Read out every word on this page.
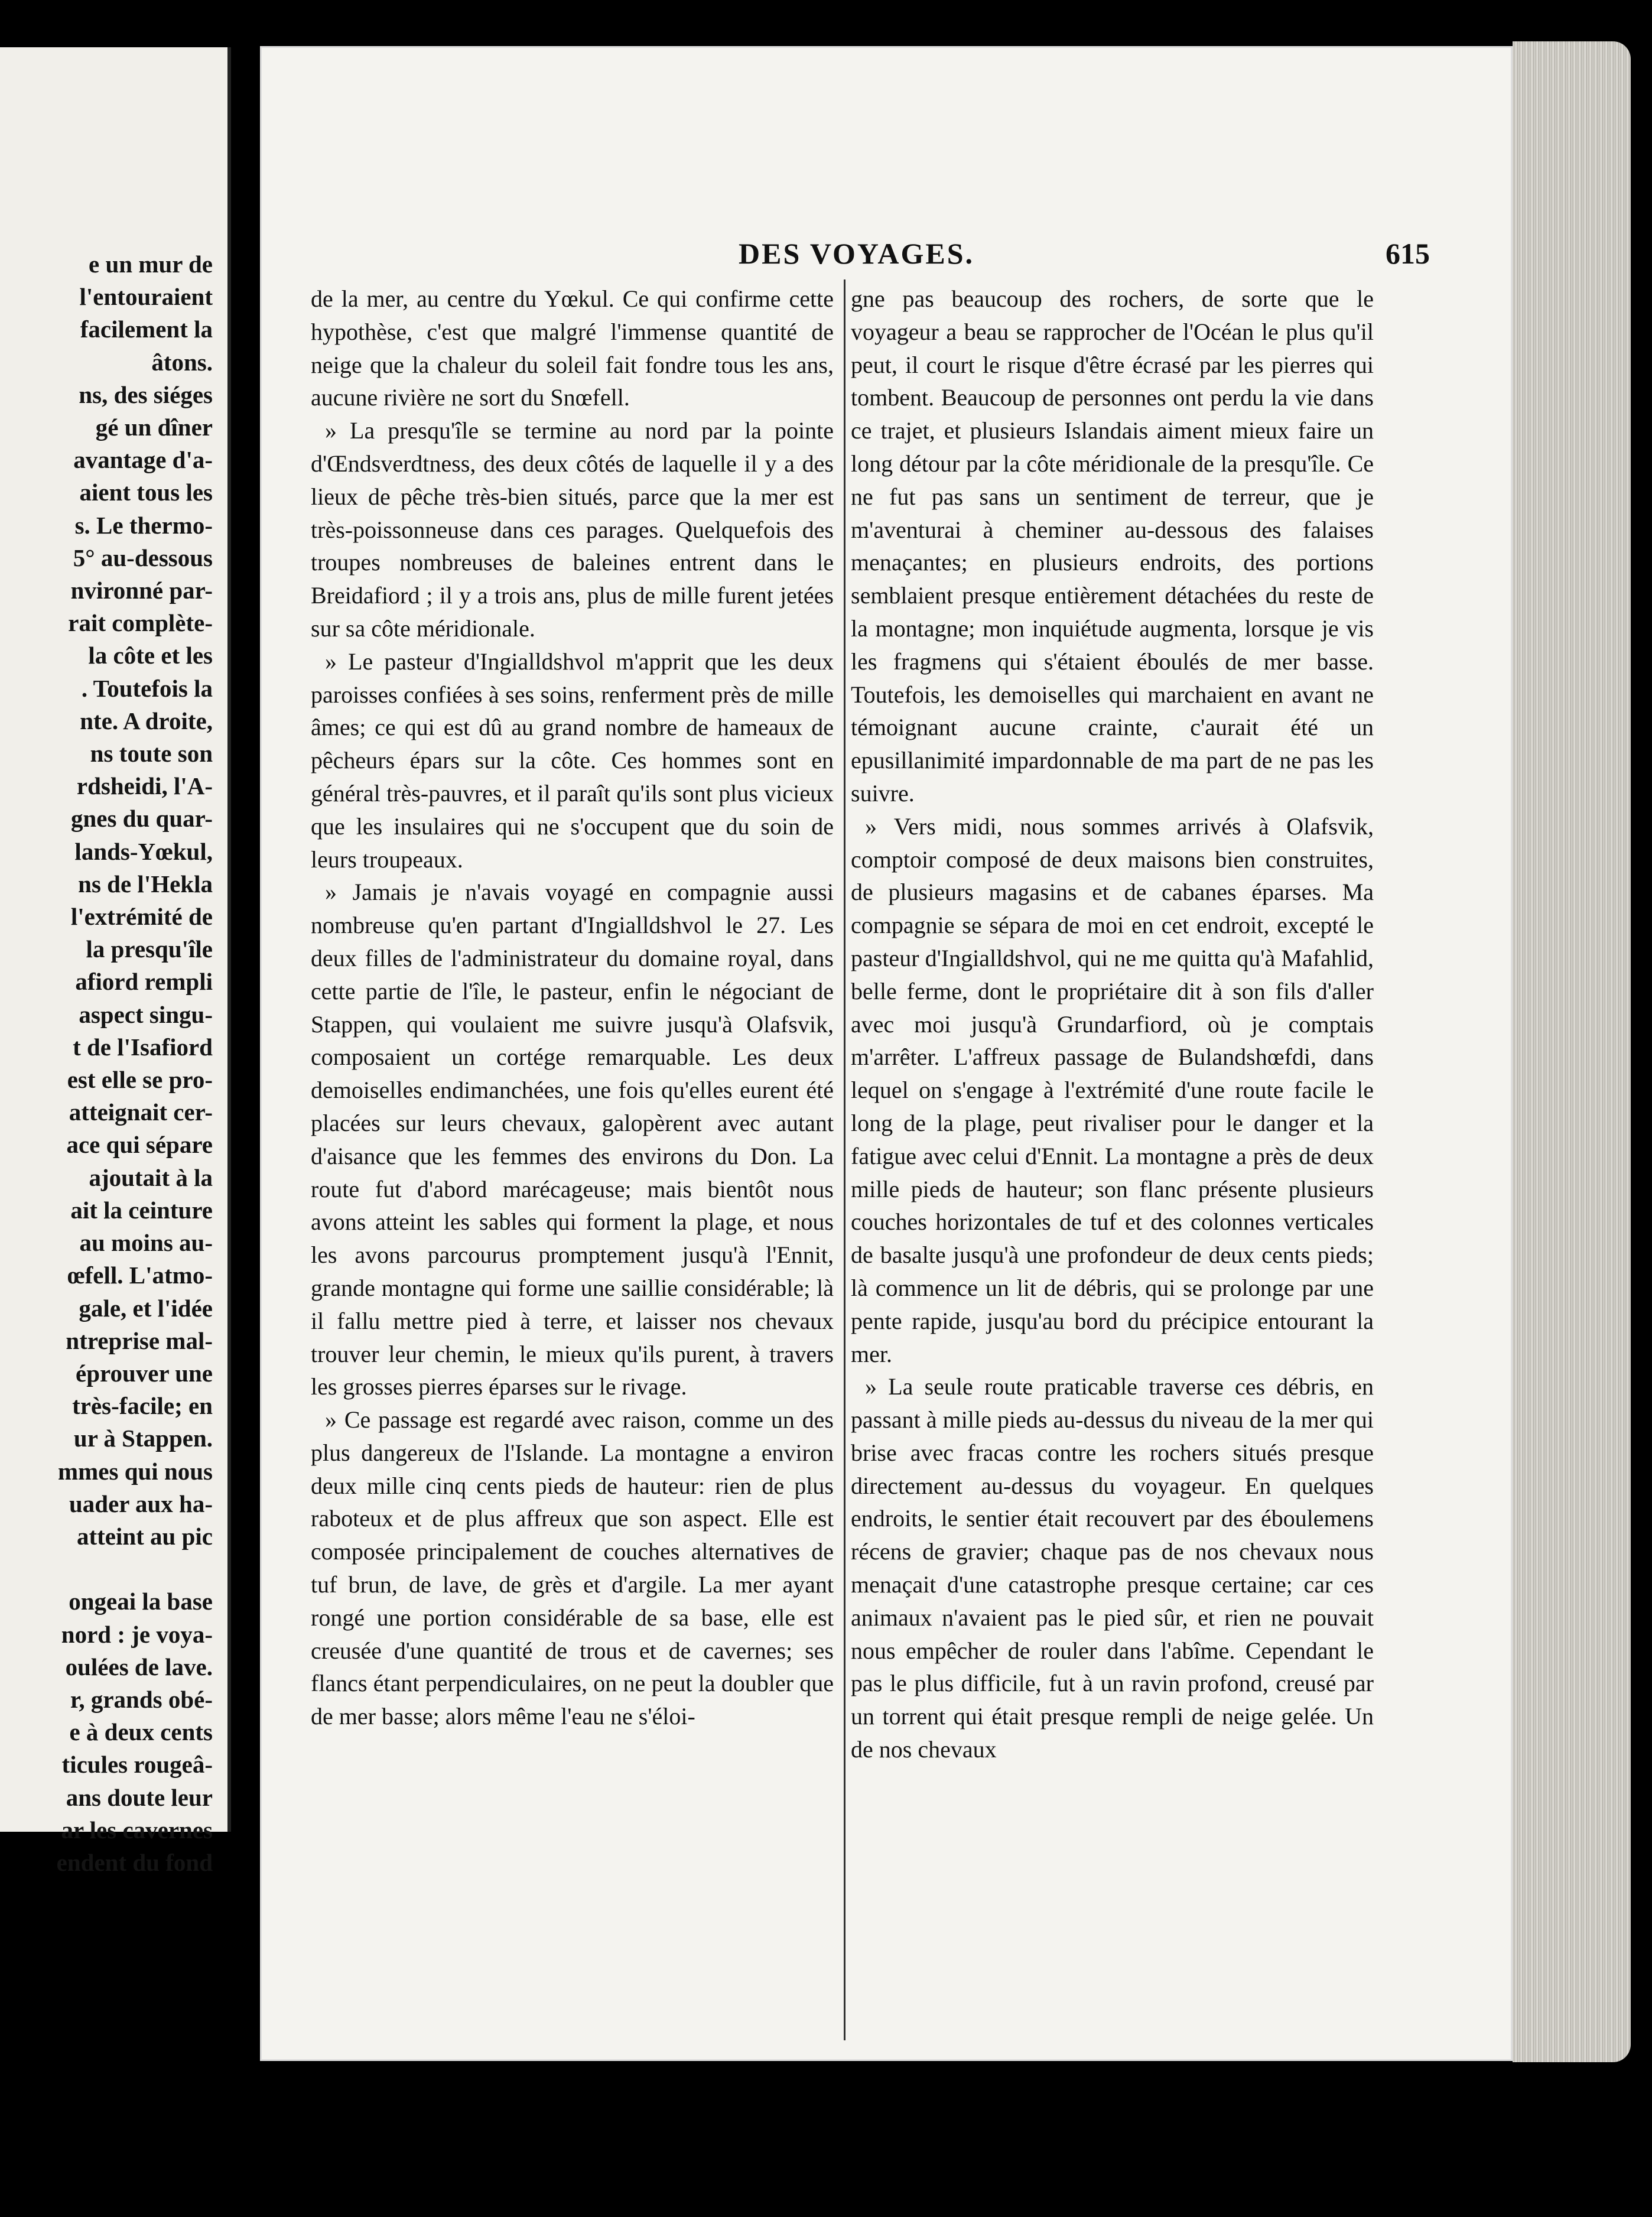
e un mur de
l'entouraient
facilement la
âtons.
ns, des siéges
gé un dîner
avantage d'a-
aient tous les
s. Le thermo-
5° au-dessous
nvironné par-
rait complète-
la côte et les
. Toutefois la
nte. A droite,
ns toute son
rdsheidi, l'A-
gnes du quar-
lands-Yœkul,
ns de l'Hekla
l'extrémité de
la presqu'île
afiord rempli
aspect singu-
t de l'Isafiord
est elle se pro-
atteignait cer-
ace qui sépare
ajoutait à la
ait la ceinture
au moins au-
œfell. L'atmo-
gale, et l'idée
ntreprise mal-
éprouver une
très-facile; en
ur à Stappen.
mmes qui nous
uader aux ha-
atteint au pic

ongeai la base
nord : je voya-
oulées de lave.
r, grands obé-
e à deux cents
ticules rougeâ-
ans doute leur
ar les cavernes
endent du fond
DES VOYAGES.	615

de la mer, au centre du Yœkul. Ce qui confirme cette hypothèse, c'est que malgré l'immense quantité de neige que la chaleur du soleil fait fondre tous les ans, aucune rivière ne sort du Snœfell.

» La presqu'île se termine au nord par la pointe d'Œndsverdtness, des deux côtés de laquelle il y a des lieux de pêche très-bien situés, parce que la mer est très-poissonneuse dans ces parages. Quelquefois des troupes nombreuses de baleines entrent dans le Breidafiord ; il y a trois ans, plus de mille furent jetées sur sa côte méridionale.

» Le pasteur d'Ingialldshvol m'apprit que les deux paroisses confiées à ses soins, renferment près de mille âmes; ce qui est dû au grand nombre de hameaux de pêcheurs épars sur la côte. Ces hommes sont en général très-pauvres, et il paraît qu'ils sont plus vicieux que les insulaires qui ne s'occupent que du soin de leurs troupeaux.

» Jamais je n'avais voyagé en compagnie aussi nombreuse qu'en partant d'Ingialldshvol le 27. Les deux filles de l'administrateur du domaine royal, dans cette partie de l'île, le pasteur, enfin le négociant de Stappen, qui voulaient me suivre jusqu'à Olafsvik, composaient un cortége remarquable. Les deux demoiselles endimanchées, une fois qu'elles eurent été placées sur leurs chevaux, galopèrent avec autant d'aisance que les femmes des environs du Don. La route fut d'abord marécageuse; mais bientôt nous avons atteint les sables qui forment la plage, et nous les avons parcourus promptement jusqu'à l'Ennit, grande montagne qui forme une saillie considérable; là il fallu mettre pied à terre, et laisser nos chevaux trouver leur chemin, le mieux qu'ils purent, à travers les grosses pierres éparses sur le rivage.

» Ce passage est regardé avec raison, comme un des plus dangereux de l'Islande. La montagne a environ deux mille cinq cents pieds de hauteur: rien de plus raboteux et de plus affreux que son aspect. Elle est composée principalement de couches alternatives de tuf brun, de lave, de grès et d'argile. La mer ayant rongé une portion considérable de sa base, elle est creusée d'une quantité de trous et de cavernes; ses flancs étant perpendiculaires, on ne peut la doubler que de mer basse; alors même l'eau ne s'éloi-

gne pas beaucoup des rochers, de sorte que le voyageur a beau se rapprocher de l'Océan le plus qu'il peut, il court le risque d'être écrasé par les pierres qui tombent. Beaucoup de personnes ont perdu la vie dans ce trajet, et plusieurs Islandais aiment mieux faire un long détour par la côte méridionale de la presqu'île. Ce ne fut pas sans un sentiment de terreur, que je m'aventurai à cheminer au-dessous des falaises menaçantes; en plusieurs endroits, des portions semblaient presque entièrement détachées du reste de la montagne; mon inquiétude augmenta, lorsque je vis les fragmens qui s'étaient éboulés de mer basse. Toutefois, les demoiselles qui marchaient en avant ne témoignant aucune crainte, c'aurait été un epusillanimité impardonnable de ma part de ne pas les suivre.

» Vers midi, nous sommes arrivés à Olafsvik, comptoir composé de deux maisons bien construites, de plusieurs magasins et de cabanes éparses. Ma compagnie se sépara de moi en cet endroit, excepté le pasteur d'Ingialldshvol, qui ne me quitta qu'à Mafahlid, belle ferme, dont le propriétaire dit à son fils d'aller avec moi jusqu'à Grundarfiord, où je comptais m'arrêter. L'affreux passage de Bulandshœfdi, dans lequel on s'engage à l'extrémité d'une route facile le long de la plage, peut rivaliser pour le danger et la fatigue avec celui d'Ennit. La montagne a près de deux mille pieds de hauteur; son flanc présente plusieurs couches horizontales de tuf et des colonnes verticales de basalte jusqu'à une profondeur de deux cents pieds; là commence un lit de débris, qui se prolonge par une pente rapide, jusqu'au bord du précipice entourant la mer.

» La seule route praticable traverse ces débris, en passant à mille pieds au-dessus du niveau de la mer qui brise avec fracas contre les rochers situés presque directement au-dessus du voyageur. En quelques endroits, le sentier était recouvert par des éboulemens récens de gravier; chaque pas de nos chevaux nous menaçait d'une catastrophe presque certaine; car ces animaux n'avaient pas le pied sûr, et rien ne pouvait nous empêcher de rouler dans l'abîme. Cependant le pas le plus difficile, fut à un ravin profond, creusé par un torrent qui était presque rempli de neige gelée. Un de nos chevaux
